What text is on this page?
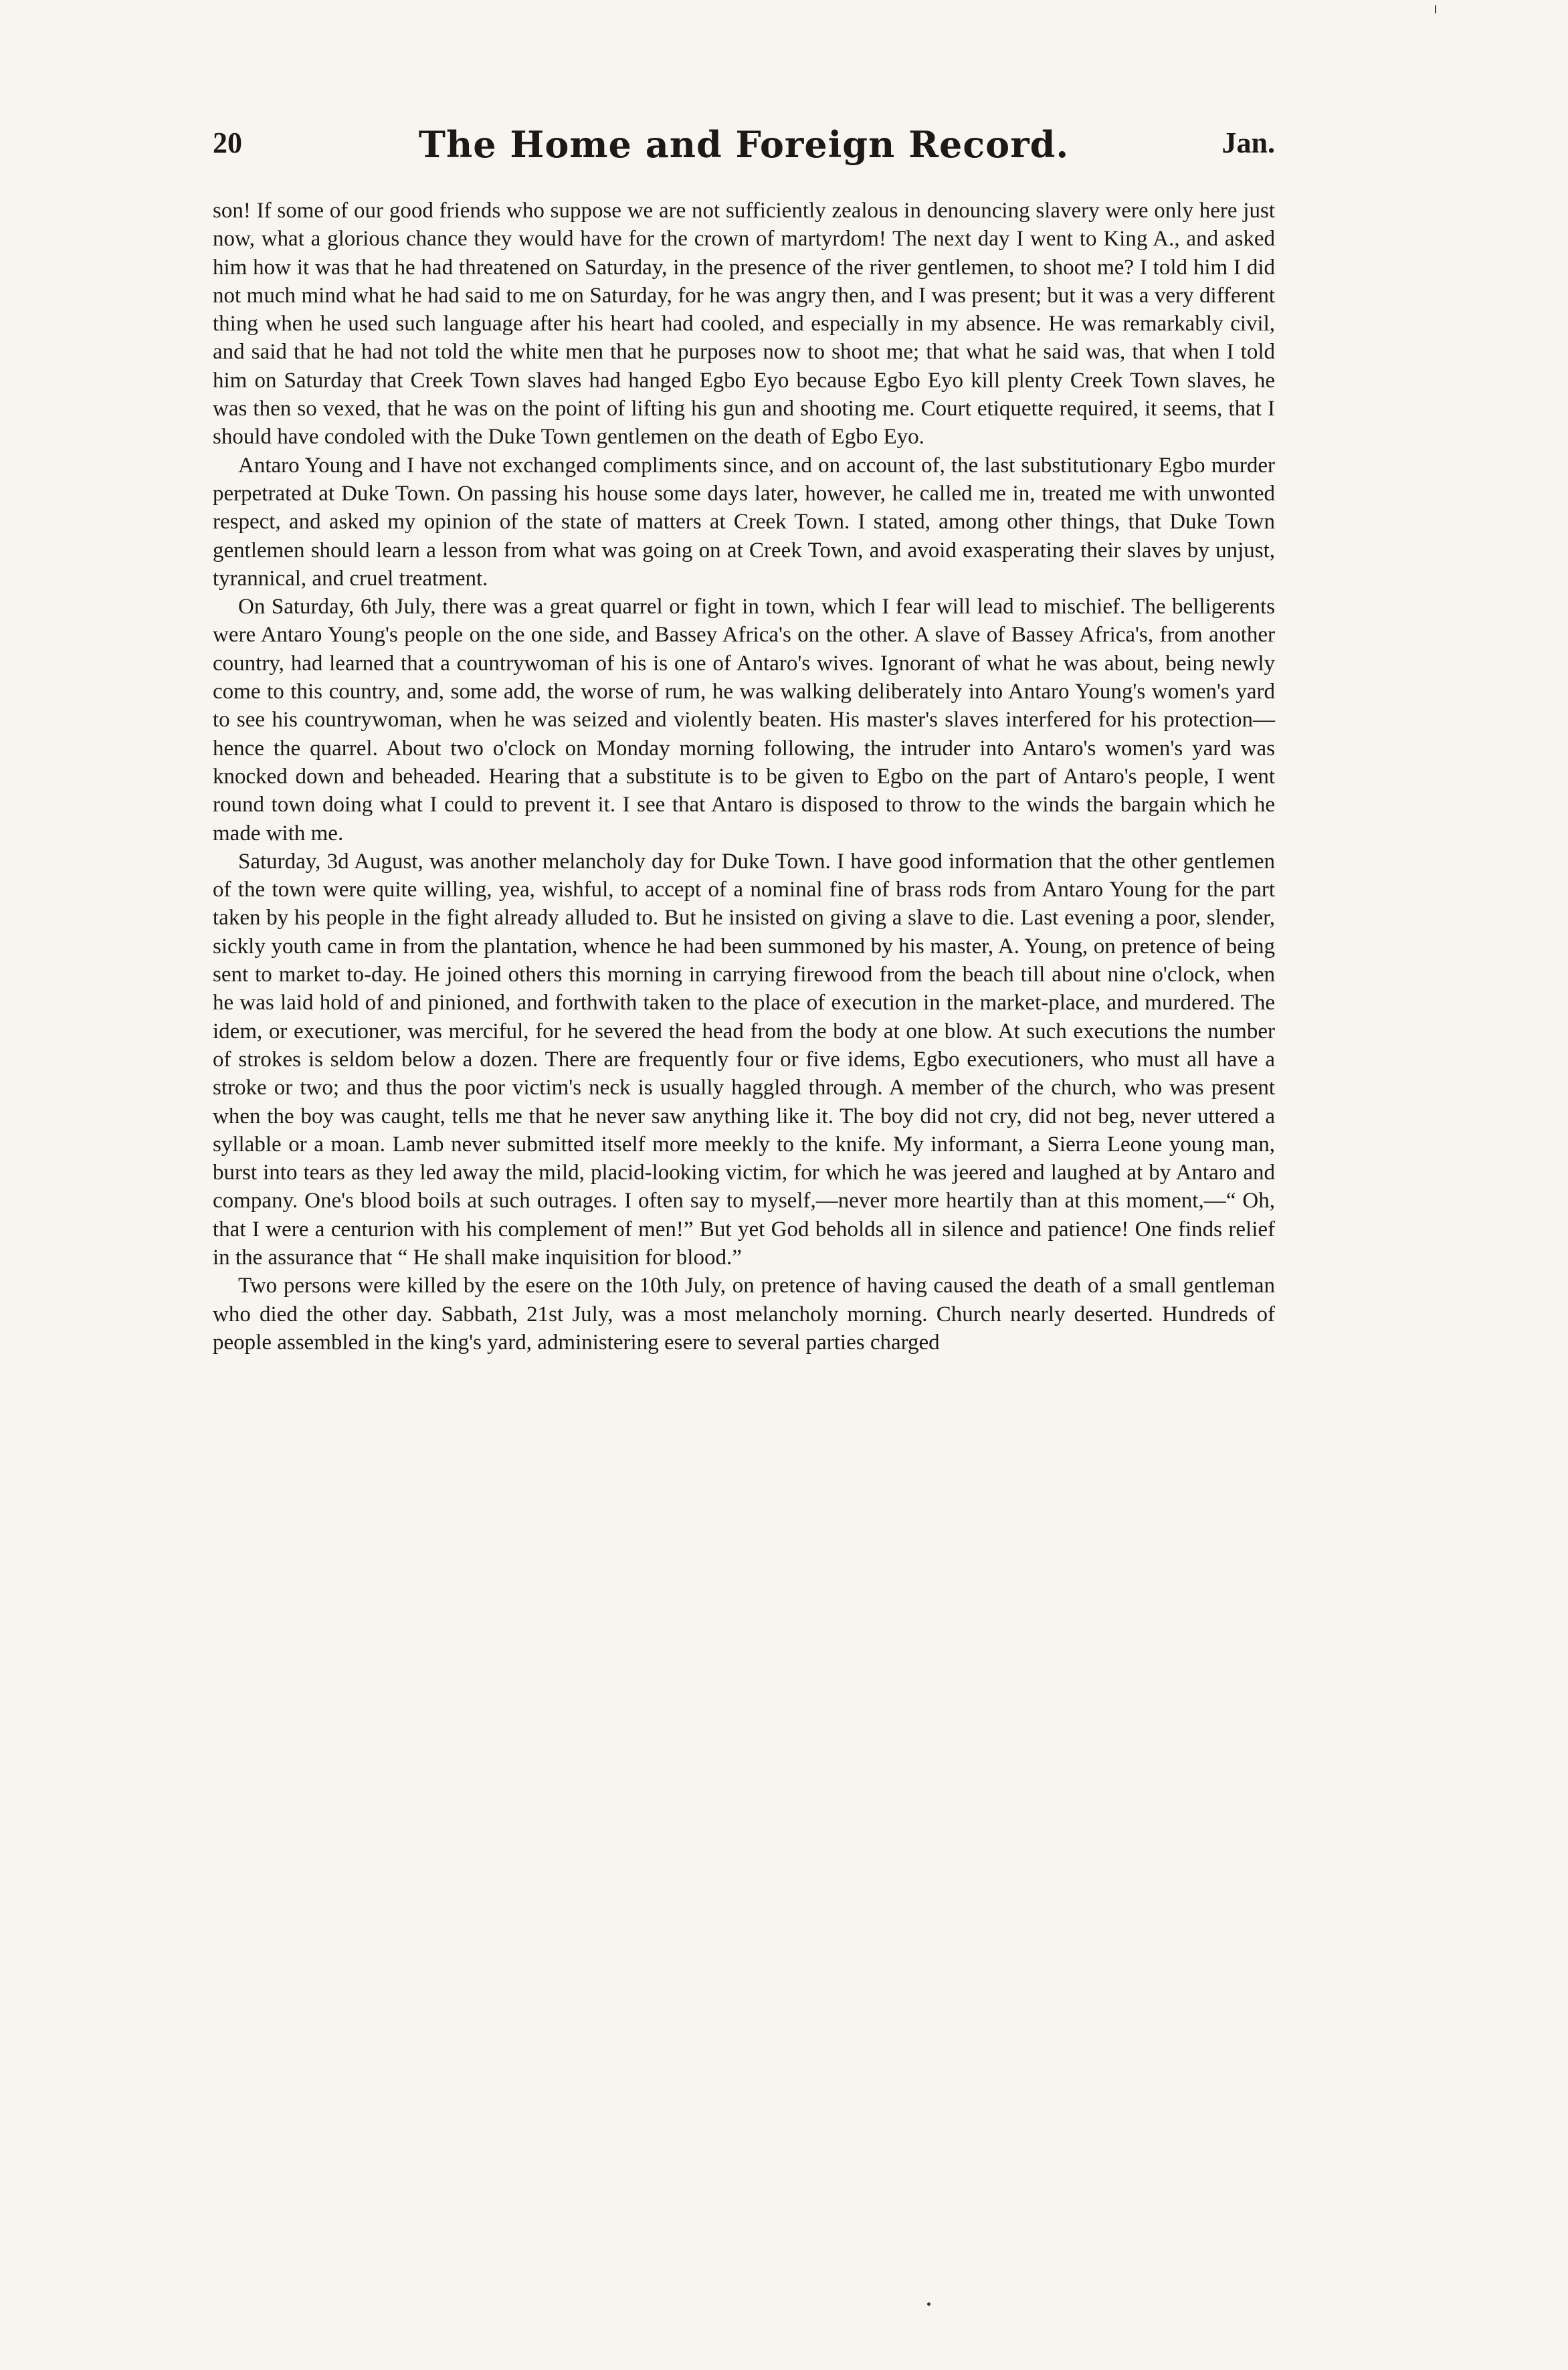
20	The Home and Foreign Record.	Jan.

son! If some of our good friends who suppose we are not sufficiently zealous in denouncing slavery were only here just now, what a glorious chance they would have for the crown of martyrdom! The next day I went to King A., and asked him how it was that he had threatened on Saturday, in the presence of the river gentlemen, to shoot me? I told him I did not much mind what he had said to me on Saturday, for he was angry then, and I was present; but it was a very different thing when he used such language after his heart had cooled, and especially in my absence. He was remarkably civil, and said that he had not told the white men that he purposes now to shoot me; that what he said was, that when I told him on Saturday that Creek Town slaves had hanged Egbo Eyo because Egbo Eyo kill plenty Creek Town slaves, he was then so vexed, that he was on the point of lifting his gun and shooting me. Court etiquette required, it seems, that I should have condoled with the Duke Town gentlemen on the death of Egbo Eyo.

Antaro Young and I have not exchanged compliments since, and on account of, the last substitutionary Egbo murder perpetrated at Duke Town. On passing his house some days later, however, he called me in, treated me with unwonted respect, and asked my opinion of the state of matters at Creek Town. I stated, among other things, that Duke Town gentlemen should learn a lesson from what was going on at Creek Town, and avoid exasperating their slaves by unjust, tyrannical, and cruel treatment.

On Saturday, 6th July, there was a great quarrel or fight in town, which I fear will lead to mischief. The belligerents were Antaro Young's people on the one side, and Bassey Africa's on the other. A slave of Bassey Africa's, from another country, had learned that a countrywoman of his is one of Antaro's wives. Ignorant of what he was about, being newly come to this country, and, some add, the worse of rum, he was walking deliberately into Antaro Young's women's yard to see his countrywoman, when he was seized and violently beaten. His master's slaves interfered for his protection—hence the quarrel. About two o'clock on Monday morning following, the intruder into Antaro's women's yard was knocked down and beheaded. Hearing that a substitute is to be given to Egbo on the part of Antaro's people, I went round town doing what I could to prevent it. I see that Antaro is disposed to throw to the winds the bargain which he made with me.

Saturday, 3d August, was another melancholy day for Duke Town. I have good information that the other gentlemen of the town were quite willing, yea, wishful, to accept of a nominal fine of brass rods from Antaro Young for the part taken by his people in the fight already alluded to. But he insisted on giving a slave to die. Last evening a poor, slender, sickly youth came in from the plantation, whence he had been summoned by his master, A. Young, on pretence of being sent to market to-day. He joined others this morning in carrying firewood from the beach till about nine o'clock, when he was laid hold of and pinioned, and forthwith taken to the place of execution in the market-place, and murdered. The idem, or executioner, was merciful, for he severed the head from the body at one blow. At such executions the number of strokes is seldom below a dozen. There are frequently four or five idems, Egbo executioners, who must all have a stroke or two; and thus the poor victim's neck is usually haggled through. A member of the church, who was present when the boy was caught, tells me that he never saw anything like it. The boy did not cry, did not beg, never uttered a syllable or a moan. Lamb never submitted itself more meekly to the knife. My informant, a Sierra Leone young man, burst into tears as they led away the mild, placid-looking victim, for which he was jeered and laughed at by Antaro and company. One's blood boils at such outrages. I often say to myself,—never more heartily than at this moment,—“ Oh, that I were a centurion with his complement of men!” But yet God beholds all in silence and patience! One finds relief in the assurance that “ He shall make inquisition for blood.”

Two persons were killed by the esere on the 10th July, on pretence of having caused the death of a small gentleman who died the other day. Sabbath, 21st July, was a most melancholy morning. Church nearly deserted. Hundreds of people assembled in the king's yard, administering esere to several parties charged
